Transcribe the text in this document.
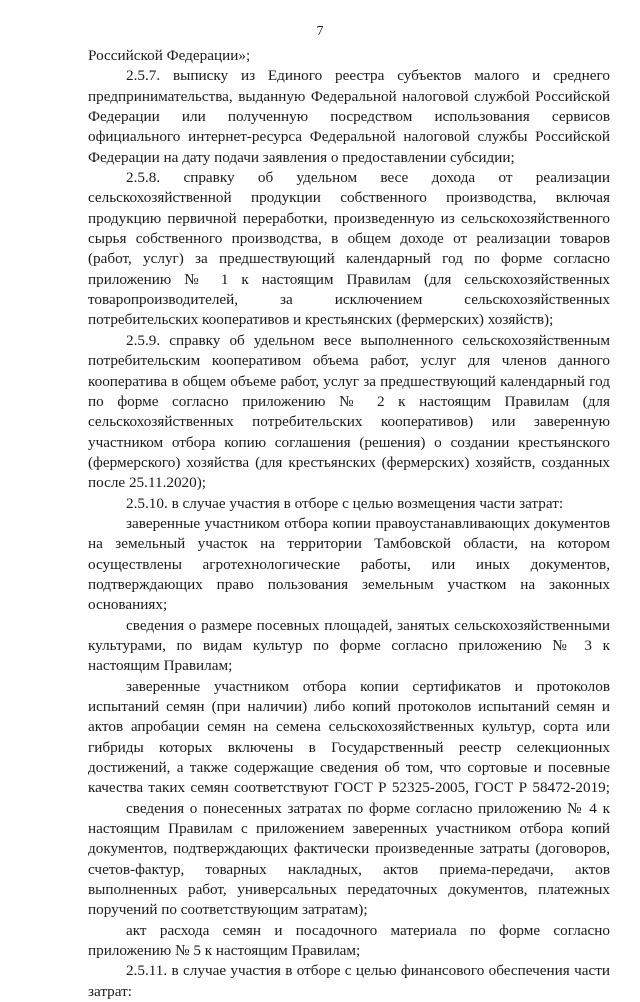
7
Российской Федерации»;
2.5.7. выписку из Единого реестра субъектов малого и среднего
предпринимательства, выданную Федеральной налоговой службой Российской
Федерации или полученную посредством использования сервисов
официального интернет-ресурса Федеральной налоговой службы Российской
Федерации на дату подачи заявления о предоставлении субсидии;
2.5.8. справку об удельном весе дохода от реализации
сельскохозяйственной продукции собственного производства, включая
продукцию первичной переработки, произведенную из сельскохозяйственного
сырья собственного производства, в общем доходе от реализации товаров
(работ, услуг) за предшествующий календарный год по форме согласно
приложению № 1 к настоящим Правилам (для сельскохозяйственных
товаропроизводителей, за исключением сельскохозяйственных
потребительских кооперативов и крестьянских (фермерских) хозяйств);
2.5.9. справку об удельном весе выполненного сельскохозяйственным
потребительским кооперативом объема работ, услуг для членов данного
кооператива в общем объеме работ, услуг за предшествующий календарный год
по форме согласно приложению № 2 к настоящим Правилам (для
сельскохозяйственных потребительских кооперативов) или заверенную
участником отбора копию соглашения (решения) о создании крестьянского
(фермерского) хозяйства (для крестьянских (фермерских) хозяйств, созданных
после 25.11.2020);
2.5.10. в случае участия в отборе с целью возмещения части затрат:
заверенные участником отбора копии правоустанавливающих документов
на земельный участок на территории Тамбовской области, на котором
осуществлены агротехнологические работы, или иных документов,
подтверждающих право пользования земельным участком на законных
основаниях;
сведения о размере посевных площадей, занятых сельскохозяйственными
культурами, по видам культур по форме согласно приложению № 3 к
настоящим Правилам;
заверенные участником отбора копии сертификатов и протоколов
испытаний семян (при наличии) либо копий протоколов испытаний семян и
актов апробации семян на семена сельскохозяйственных культур, сорта или
гибриды которых включены в Государственный реестр селекционных
достижений, а также содержащие сведения об том, что сортовые и посевные
качества таких семян соответствуют ГОСТ Р 52325-2005, ГОСТ Р 58472-2019;
сведения о понесенных затратах по форме согласно приложению № 4 к
настоящим Правилам с приложением заверенных участником отбора копий
документов, подтверждающих фактически произведенные затраты (договоров,
счетов-фактур, товарных накладных, актов приема-передачи, актов
выполненных работ, универсальных передаточных документов, платежных
поручений по соответствующим затратам);
акт расхода семян и посадочного материала по форме согласно
приложению № 5 к настоящим Правилам;
2.5.11. в случае участия в отборе с целью финансового обеспечения части
затрат:
